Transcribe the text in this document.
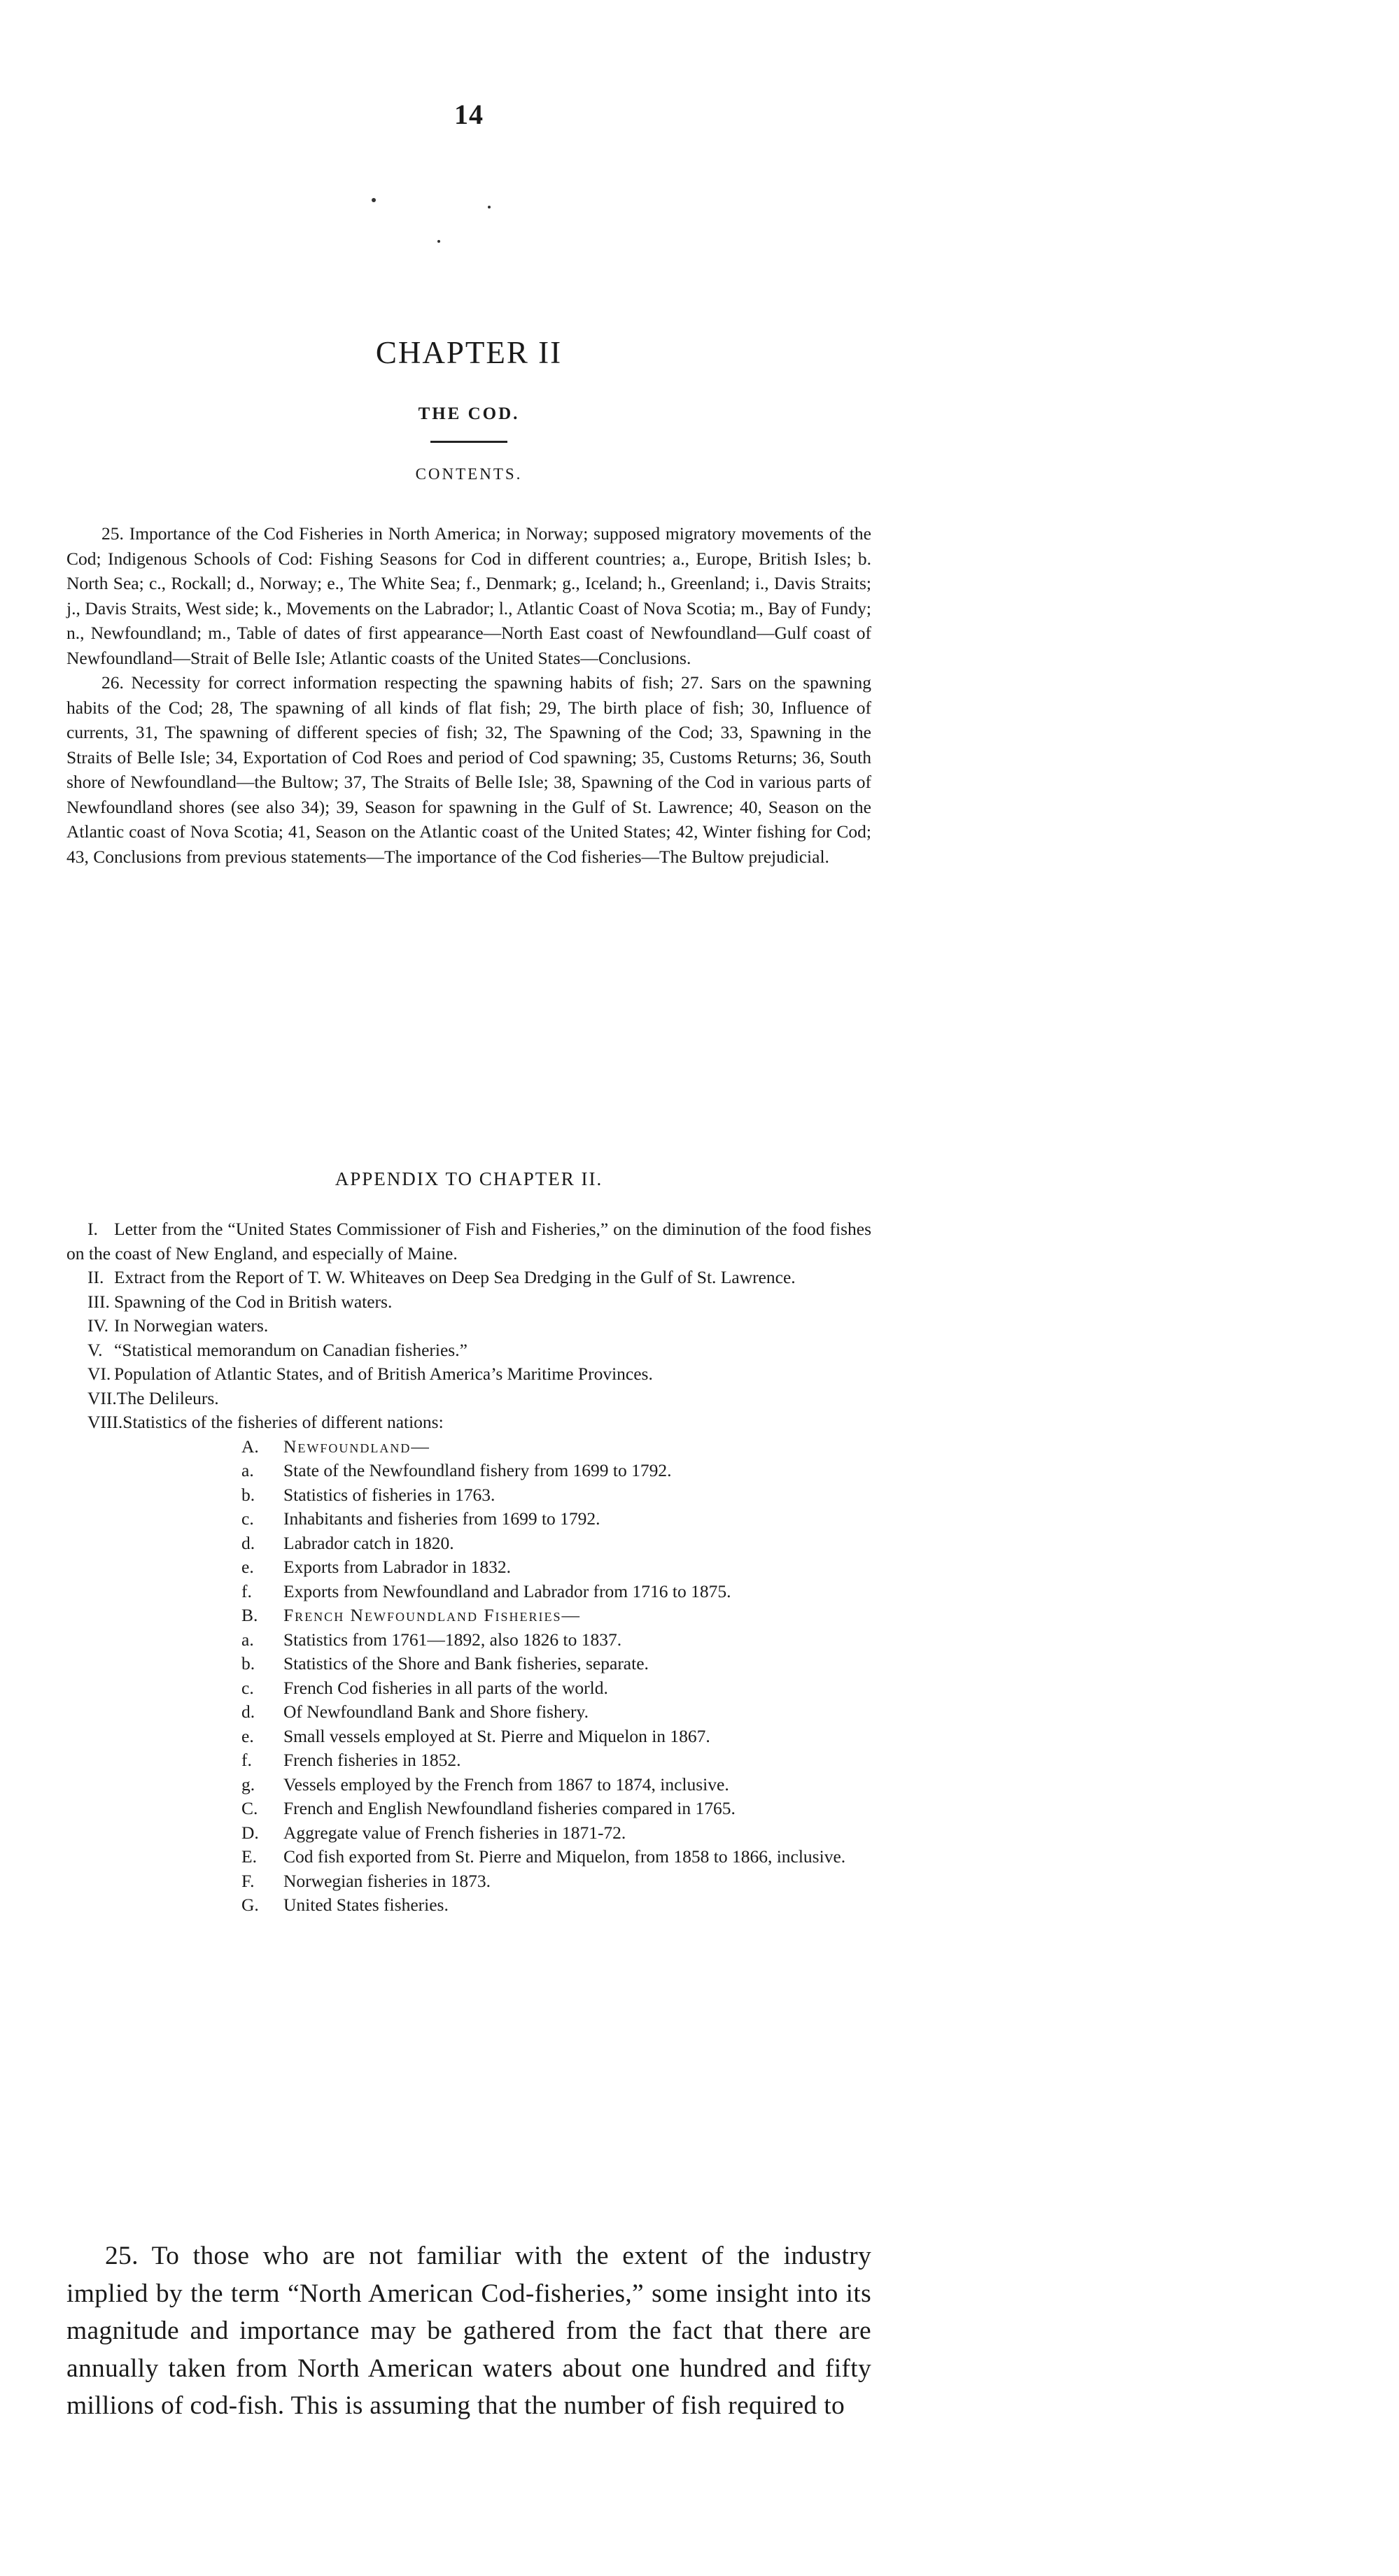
14
CHAPTER II
THE COD.
CONTENTS.

25. Importance of the Cod Fisheries in North America; in Norway; supposed migratory movements of the Cod; Indigenous Schools of Cod: Fishing Seasons for Cod in different countries; a., Europe, British Isles; b. North Sea; c., Rockall; d., Norway; e., The White Sea; f., Denmark; g., Iceland; h., Greenland; i., Davis Straits; j., Davis Straits, West side; k., Movements on the Labrador; l., Atlantic Coast of Nova Scotia; m., Bay of Fundy; n., Newfoundland; m., Table of dates of first appearance—North East coast of Newfoundland—Gulf coast of Newfoundland—Strait of Belle Isle; Atlantic coasts of the United States—Conclusions.

26. Necessity for correct information respecting the spawning habits of fish; 27. Sars on the spawning habits of the Cod; 28, The spawning of all kinds of flat fish; 29, The birth place of fish; 30, Influence of currents, 31, The spawning of different species of fish; 32, The Spawning of the Cod; 33, Spawning in the Straits of Belle Isle; 34, Exportation of Cod Roes and period of Cod spawning; 35, Customs Returns; 36, South shore of Newfoundland—the Bultow; 37, The Straits of Belle Isle; 38, Spawning of the Cod in various parts of Newfoundland shores (see also 34); 39, Season for spawning in the Gulf of St. Lawrence; 40, Season on the Atlantic coast of Nova Scotia; 41, Season on the Atlantic coast of the United States; 42, Winter fishing for Cod; 43, Conclusions from previous statements—The importance of the Cod fisheries—The Bultow prejudicial.

APPENDIX TO CHAPTER II.
I. Letter from the “United States Commissioner of Fish and Fisheries,” on the diminution of the food fishes on the coast of New England, and especially of Maine.
II. Extract from the Report of T. W. Whiteaves on Deep Sea Dredging in the Gulf of St. Lawrence.
III. Spawning of the Cod in British waters.
IV. In Norwegian waters.
V. “Statistical memorandum on Canadian fisheries.”
VI. Population of Atlantic States, and of British America’s Maritime Provinces.
VII.The Delileurs.
VIII.Statistics of the fisheries of different nations:
A. Newfoundland—
a. State of the Newfoundland fishery from 1699 to 1792.
b. Statistics of fisheries in 1763.
c. Inhabitants and fisheries from 1699 to 1792.
d. Labrador catch in 1820.
e. Exports from Labrador in 1832.
f. Exports from Newfoundland and Labrador from 1716 to 1875.
B. French Newfoundland Fisheries—
a. Statistics from 1761—1892, also 1826 to 1837.
b. Statistics of the Shore and Bank fisheries, separate.
c. French Cod fisheries in all parts of the world.
d. Of Newfoundland Bank and Shore fishery.
e. Small vessels employed at St. Pierre and Miquelon in 1867.
f. French fisheries in 1852.
g. Vessels employed by the French from 1867 to 1874, inclusive.
C. French and English Newfoundland fisheries compared in 1765.
D. Aggregate value of French fisheries in 1871-72.
E. Cod fish exported from St. Pierre and Miquelon, from 1858 to 1866, inclusive.
F. Norwegian fisheries in 1873.
G. United States fisheries.

25. To those who are not familiar with the extent of the industry implied by the term “North American Cod-fisheries,” some insight into its magnitude and importance may be gathered from the fact that there are annually taken from North American waters about one hundred and fifty millions of cod-fish. This is assuming that the number of fish required to
